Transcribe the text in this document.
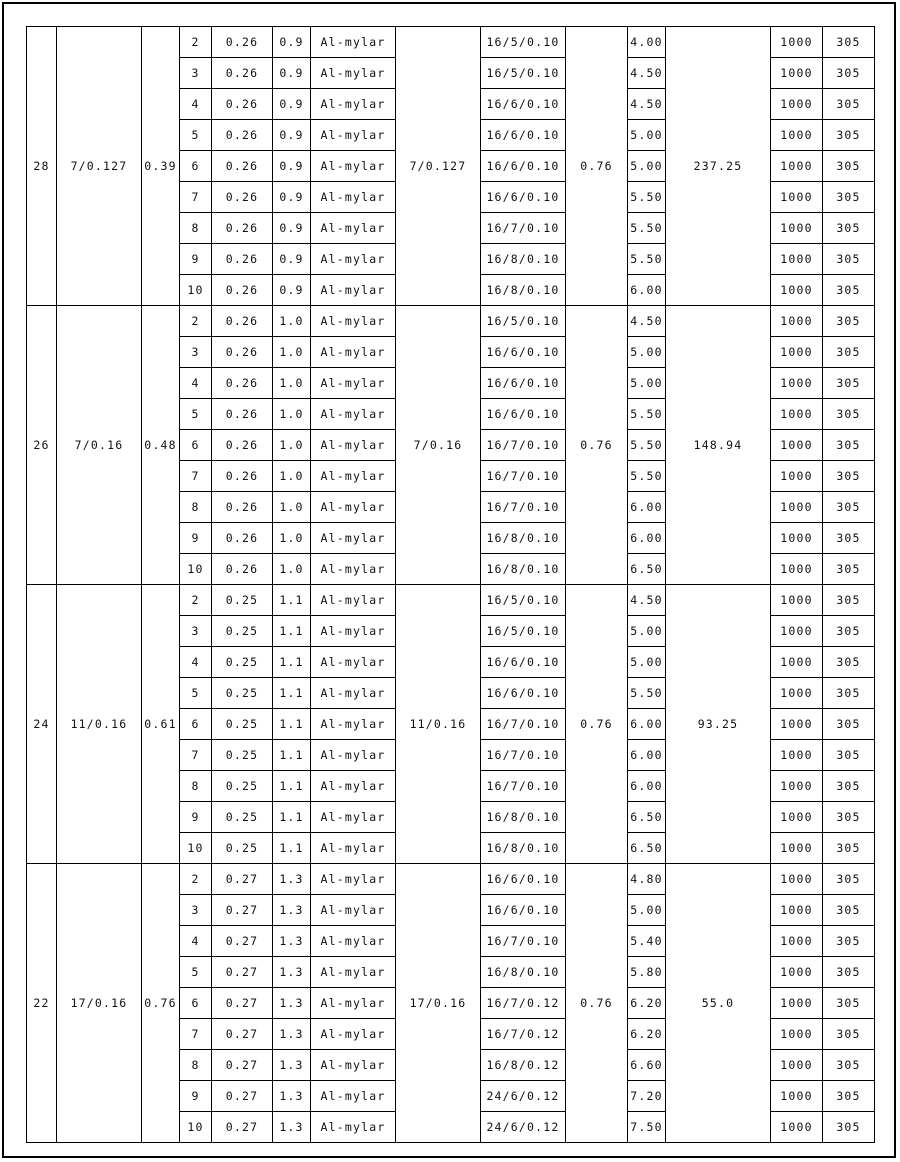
28	7/0.127	0.39	2	0.26	0.9	Al-mylar	7/0.127	16/5/0.10	0.76	4.00	237.25	1000	305
			3	0.26	0.9	Al-mylar		16/5/0.10		4.50		1000	305
			4	0.26	0.9	Al-mylar		16/6/0.10		4.50		1000	305
			5	0.26	0.9	Al-mylar		16/6/0.10		5.00		1000	305
			6	0.26	0.9	Al-mylar		16/6/0.10		5.00		1000	305
			7	0.26	0.9	Al-mylar		16/6/0.10		5.50		1000	305
			8	0.26	0.9	Al-mylar		16/7/0.10		5.50		1000	305
			9	0.26	0.9	Al-mylar		16/8/0.10		5.50		1000	305
			10	0.26	0.9	Al-mylar		16/8/0.10		6.00		1000	305
26	7/0.16	0.48	2	0.26	1.0	Al-mylar	7/0.16	16/5/0.10	0.76	4.50	148.94	1000	305
			3	0.26	1.0	Al-mylar		16/6/0.10		5.00		1000	305
			4	0.26	1.0	Al-mylar		16/6/0.10		5.00		1000	305
			5	0.26	1.0	Al-mylar		16/6/0.10		5.50		1000	305
			6	0.26	1.0	Al-mylar		16/7/0.10		5.50		1000	305
			7	0.26	1.0	Al-mylar		16/7/0.10		5.50		1000	305
			8	0.26	1.0	Al-mylar		16/7/0.10		6.00		1000	305
			9	0.26	1.0	Al-mylar		16/8/0.10		6.00		1000	305
			10	0.26	1.0	Al-mylar		16/8/0.10		6.50		1000	305
24	11/0.16	0.61	2	0.25	1.1	Al-mylar	11/0.16	16/5/0.10	0.76	4.50	93.25	1000	305
			3	0.25	1.1	Al-mylar		16/5/0.10		5.00		1000	305
			4	0.25	1.1	Al-mylar		16/6/0.10		5.00		1000	305
			5	0.25	1.1	Al-mylar		16/6/0.10		5.50		1000	305
			6	0.25	1.1	Al-mylar		16/7/0.10		6.00		1000	305
			7	0.25	1.1	Al-mylar		16/7/0.10		6.00		1000	305
			8	0.25	1.1	Al-mylar		16/7/0.10		6.00		1000	305
			9	0.25	1.1	Al-mylar		16/8/0.10		6.50		1000	305
			10	0.25	1.1	Al-mylar		16/8/0.10		6.50		1000	305
22	17/0.16	0.76	2	0.27	1.3	Al-mylar	17/0.16	16/6/0.10	0.76	4.80	55.0	1000	305
			3	0.27	1.3	Al-mylar		16/6/0.10		5.00		1000	305
			4	0.27	1.3	Al-mylar		16/7/0.10		5.40		1000	305
			5	0.27	1.3	Al-mylar		16/8/0.10		5.80		1000	305
			6	0.27	1.3	Al-mylar		16/7/0.12		6.20		1000	305
			7	0.27	1.3	Al-mylar		16/7/0.12		6.20		1000	305
			8	0.27	1.3	Al-mylar		16/8/0.12		6.60		1000	305
			9	0.27	1.3	Al-mylar		24/6/0.12		7.20		1000	305
			10	0.27	1.3	Al-mylar		24/6/0.12		7.50		1000	305
